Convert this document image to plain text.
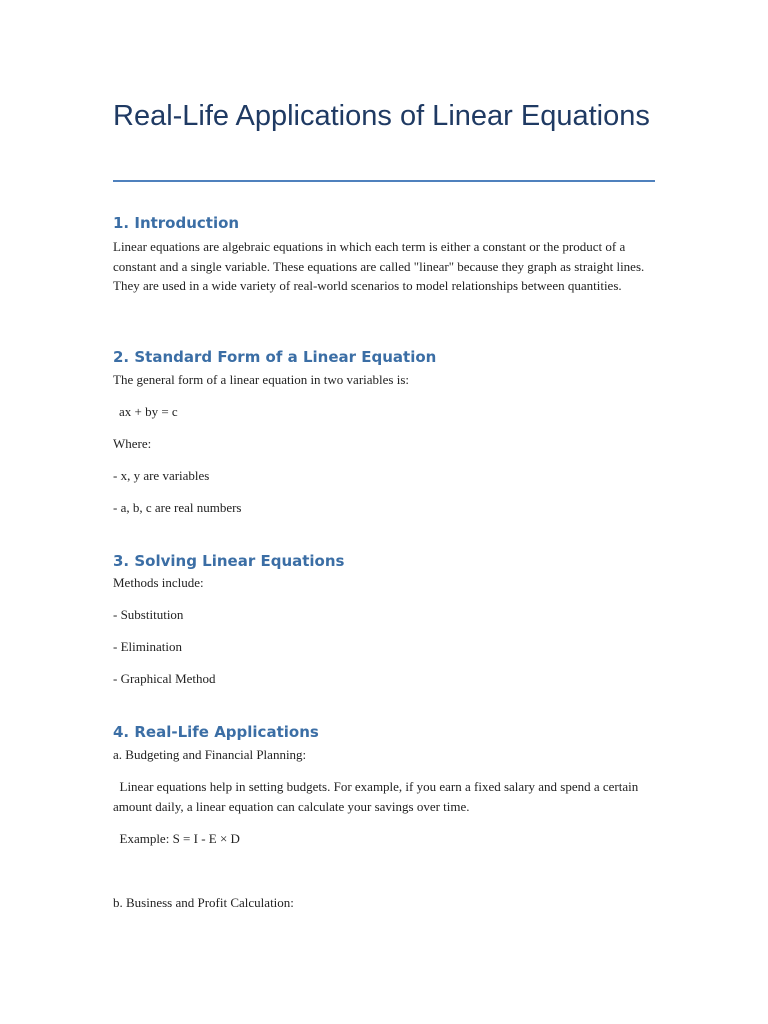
Real-Life Applications of Linear Equations
1. Introduction

Linear equations are algebraic equations in which each term is either a constant or the product of a constant and a single variable. These equations are called "linear" because they graph as straight lines. They are used in a wide variety of real-world scenarios to model relationships between quantities.

2. Standard Form of a Linear Equation

The general form of a linear equation in two variables is:

ax + by = c

Where:

- x, y are variables

- a, b, c are real numbers

3. Solving Linear Equations

Methods include:

- Substitution

- Elimination

- Graphical Method

4. Real-Life Applications

a. Budgeting and Financial Planning:

Linear equations help in setting budgets. For example, if you earn a fixed salary and spend a certain amount daily, a linear equation can calculate your savings over time.

Example: S = I - E × D

b. Business and Profit Calculation:
